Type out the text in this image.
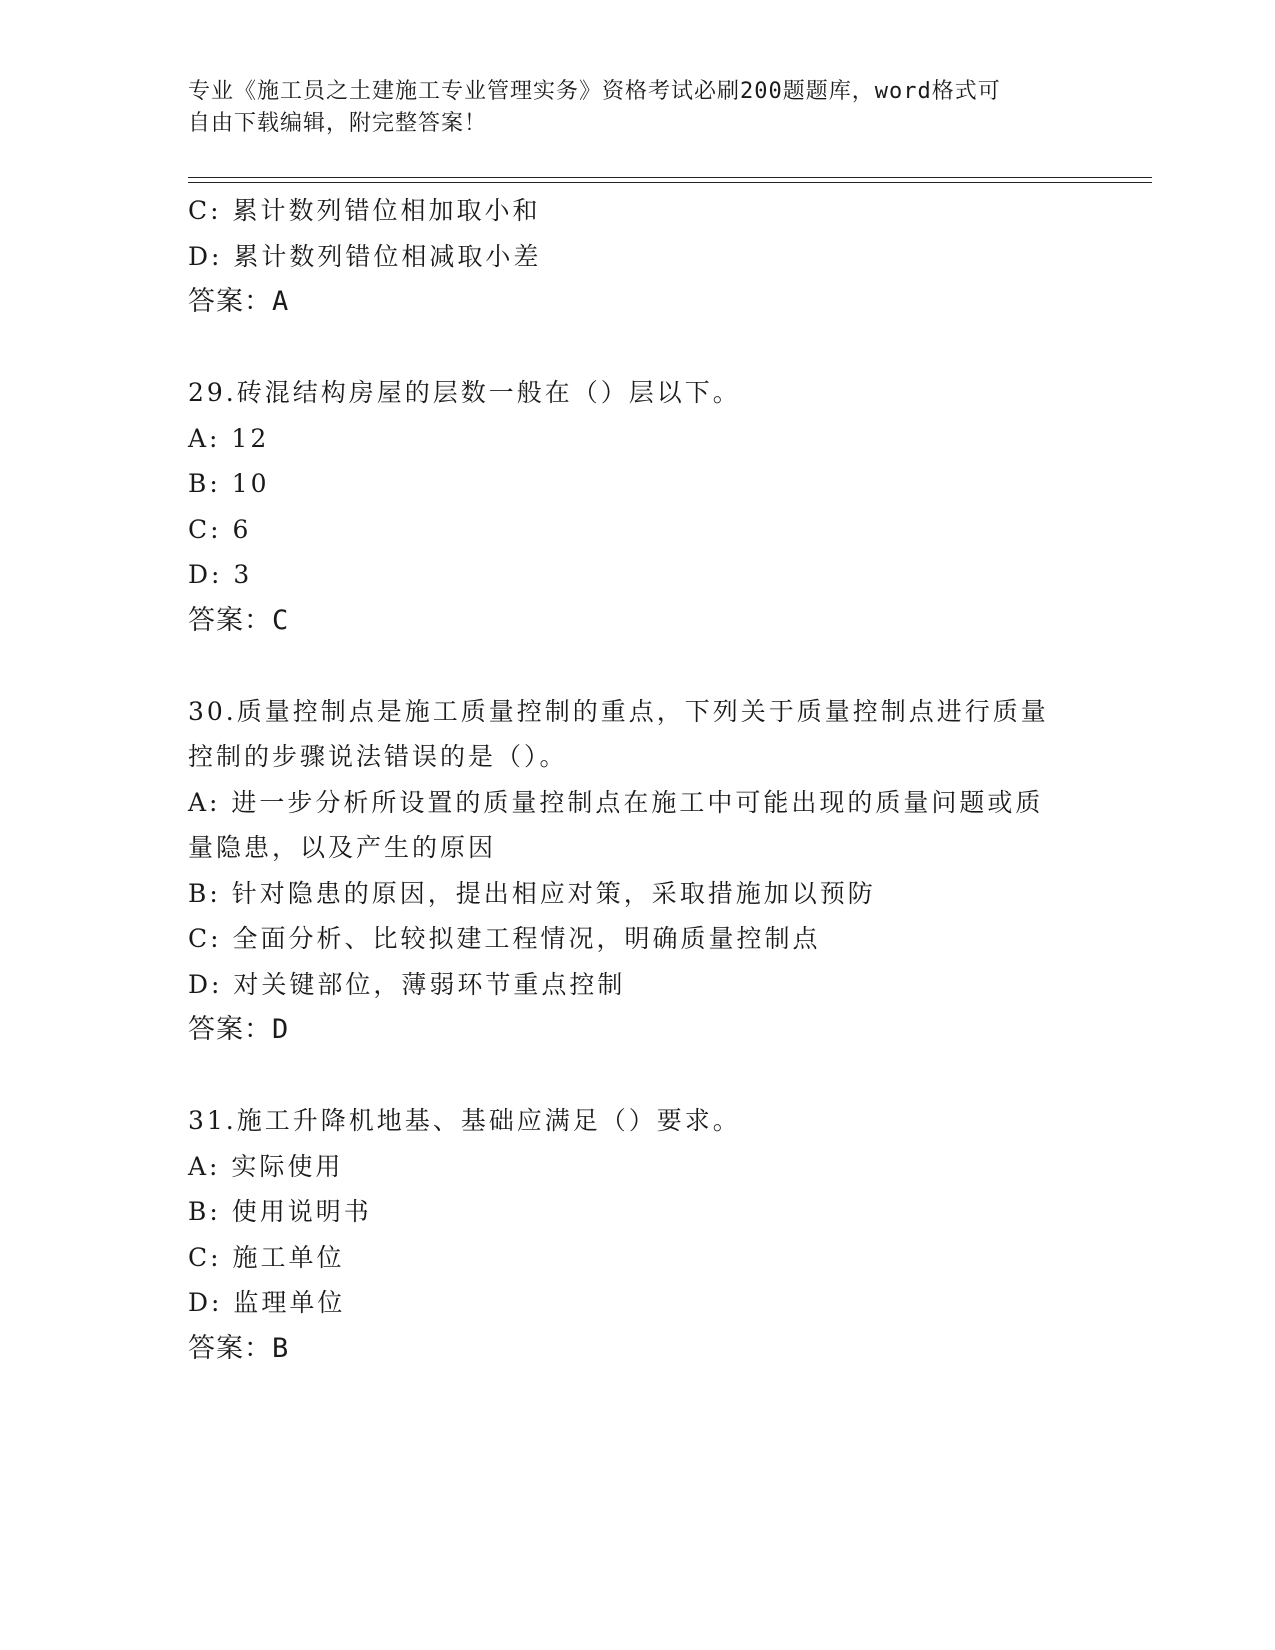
专业《施工员之土建施工专业管理实务》资格考试必刷200题题库，word格式可
自由下载编辑，附完整答案！
C: 累计数列错位相加取小和
D: 累计数列错位相减取小差
答案：A
29.砖混结构房屋的层数一般在（）层以下。
A: 12
B: 10
C: 6
D: 3
答案：C
30.质量控制点是施工质量控制的重点，下列关于质量控制点进行质量
控制的步骤说法错误的是（）。
A: 进一步分析所设置的质量控制点在施工中可能出现的质量问题或质
量隐患，以及产生的原因
B: 针对隐患的原因，提出相应对策，采取措施加以预防
C: 全面分析、比较拟建工程情况，明确质量控制点
D: 对关键部位，薄弱环节重点控制
答案：D
31.施工升降机地基、基础应满足（）要求。
A: 实际使用
B: 使用说明书
C: 施工单位
D: 监理单位
答案：B
